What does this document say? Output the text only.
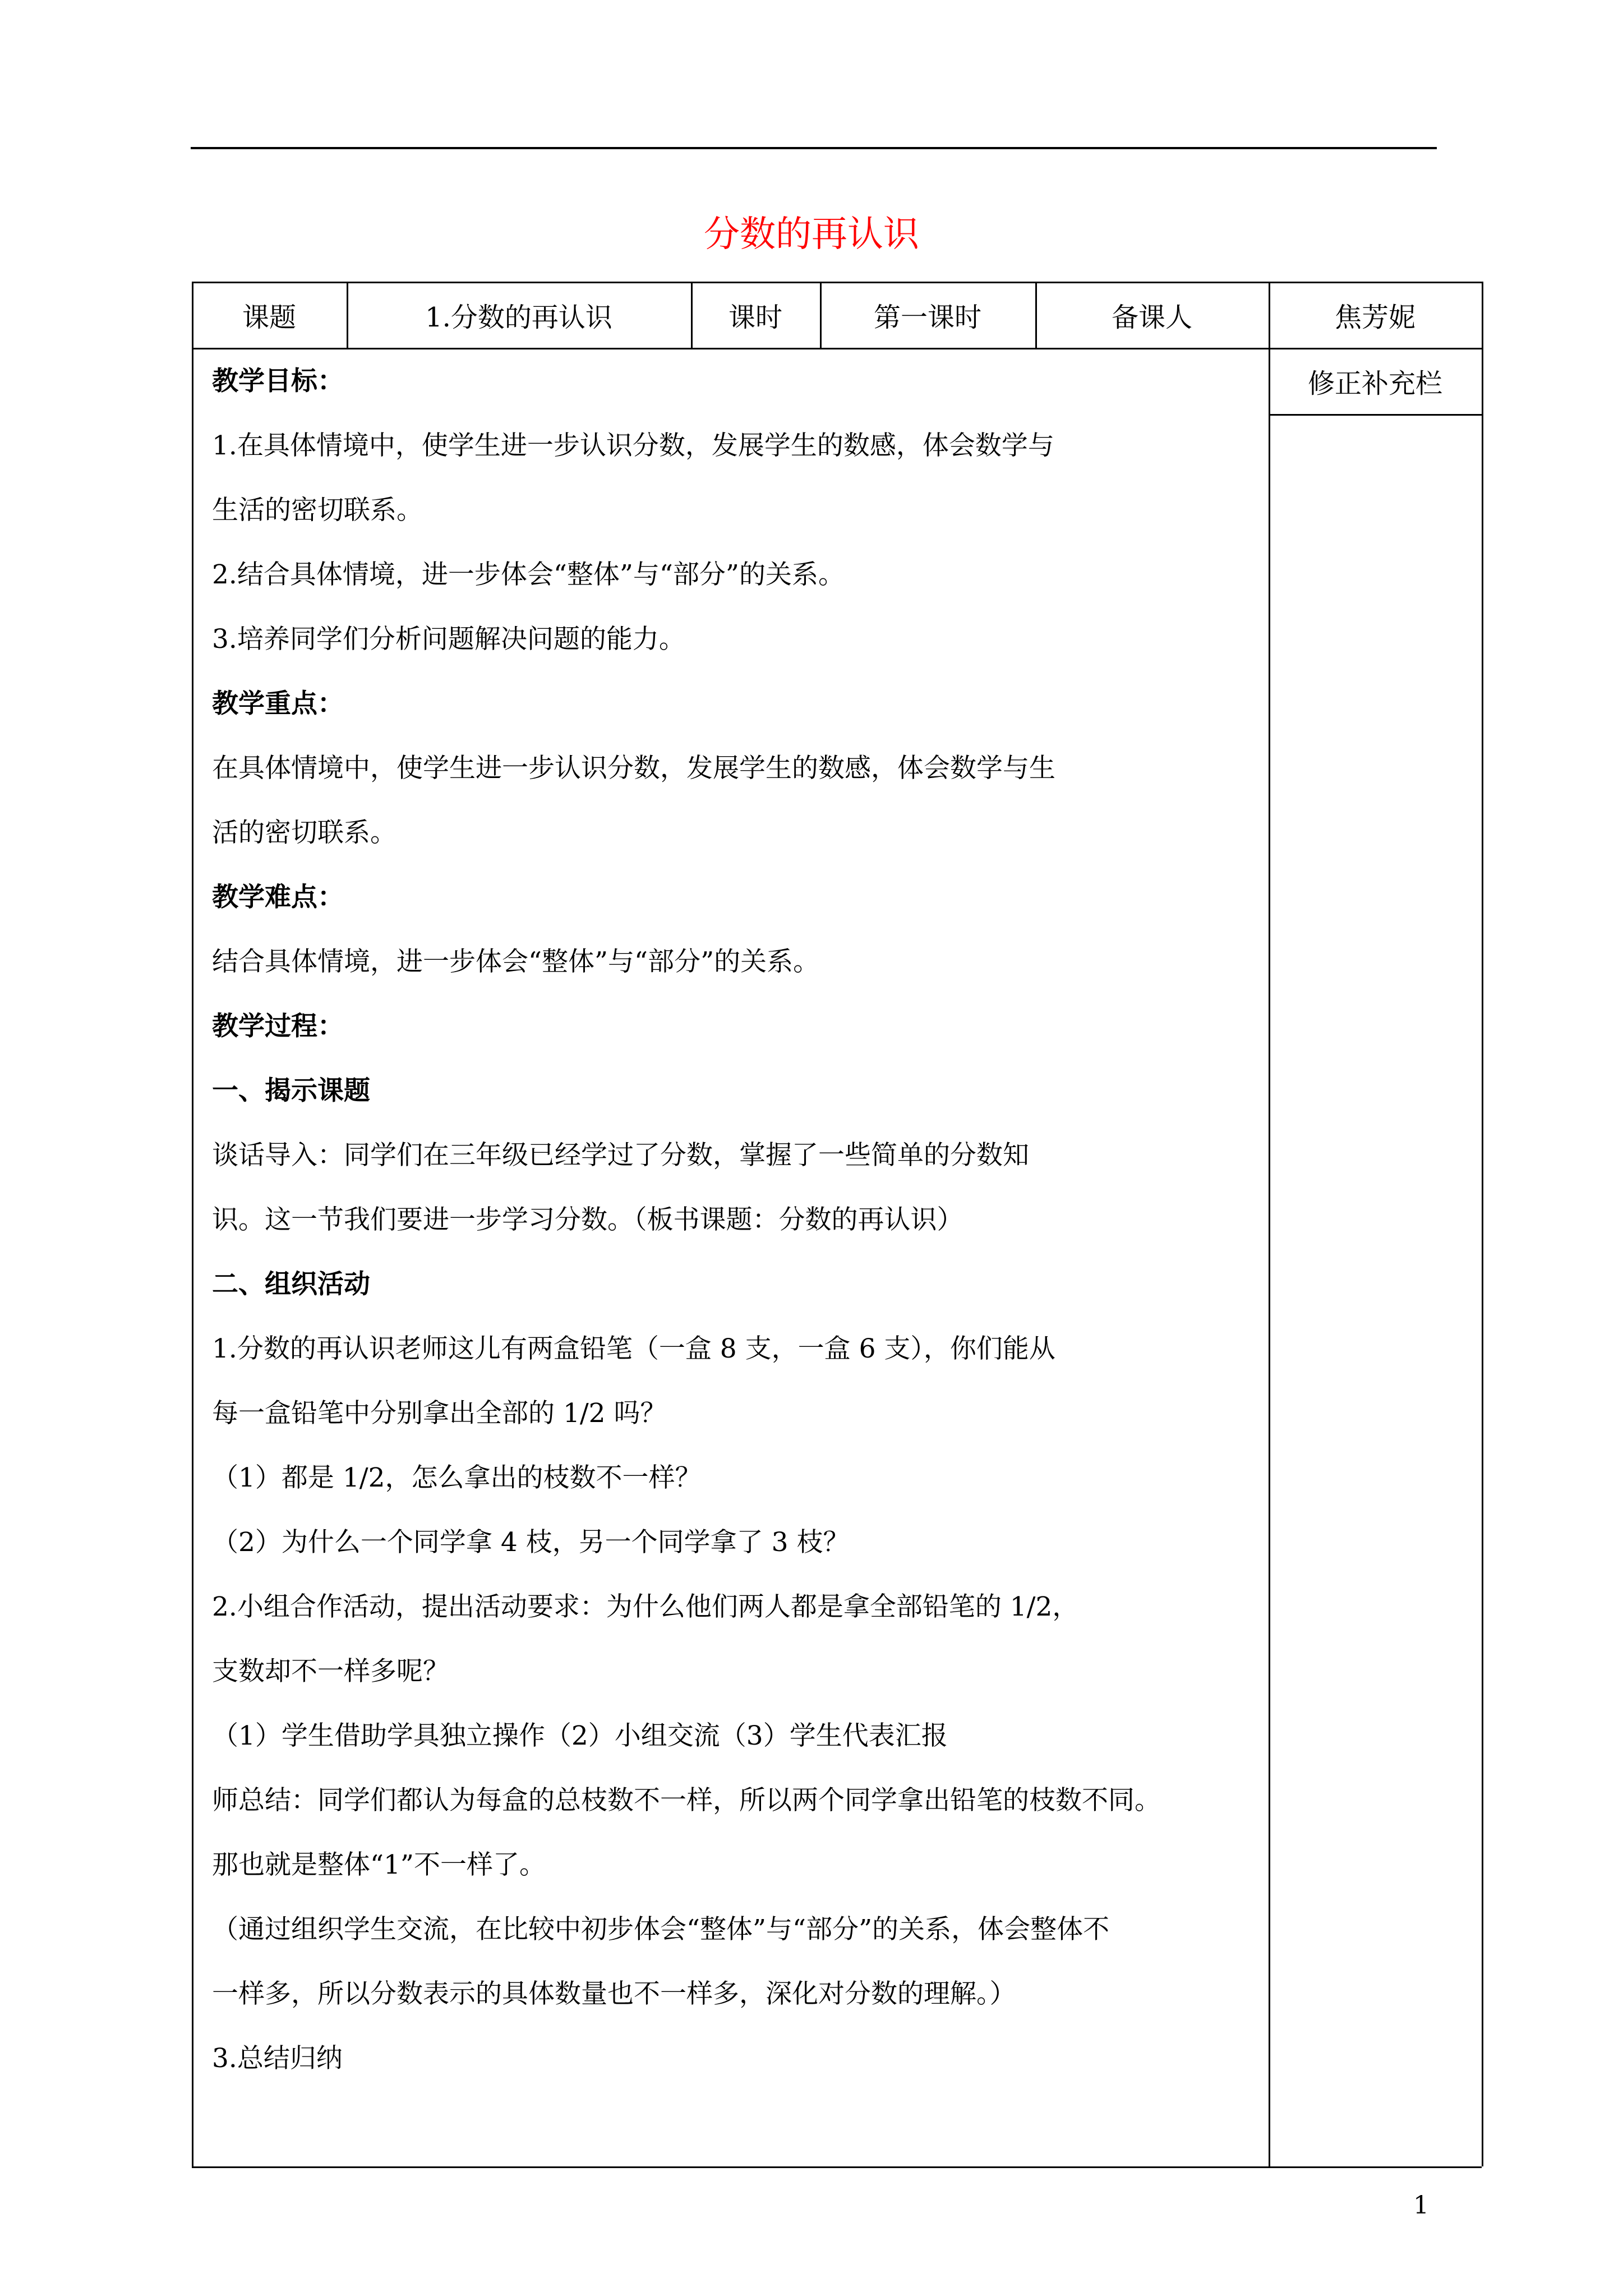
分数的再认识
课题	1.分数的再认识	课时	第一课时	备课人	焦芳妮
修正补充栏
教学目标：
1.在具体情境中，使学生进一步认识分数，发展学生的数感，体会数学与
生活的密切联系。
2.结合具体情境，进一步体会“整体”与“部分”的关系。
3.培养同学们分析问题解决问题的能力。
教学重点：
在具体情境中，使学生进一步认识分数，发展学生的数感，体会数学与生
活的密切联系。
教学难点：
结合具体情境，进一步体会“整体”与“部分”的关系。
教学过程：
一、揭示课题
谈话导入：同学们在三年级已经学过了分数，掌握了一些简单的分数知
识。这一节我们要进一步学习分数。（板书课题：分数的再认识）
二、组织活动
1.分数的再认识老师这儿有两盒铅笔（一盒 8 支，一盒 6 支），你们能从
每一盒铅笔中分别拿出全部的 1/2 吗？
（1）都是 1/2，怎么拿出的枝数不一样？
（2）为什么一个同学拿 4 枝，另一个同学拿了 3 枝？
2.小组合作活动，提出活动要求：为什么他们两人都是拿全部铅笔的 1/2，
支数却不一样多呢？
（1）学生借助学具独立操作（2）小组交流（3）学生代表汇报
师总结：同学们都认为每盒的总枝数不一样，所以两个同学拿出铅笔的枝数不同。
那也就是整体“1”不一样了。
（通过组织学生交流，在比较中初步体会“整体”与“部分”的关系，体会整体不
一样多，所以分数表示的具体数量也不一样多，深化对分数的理解。）
3.总结归纳
1
